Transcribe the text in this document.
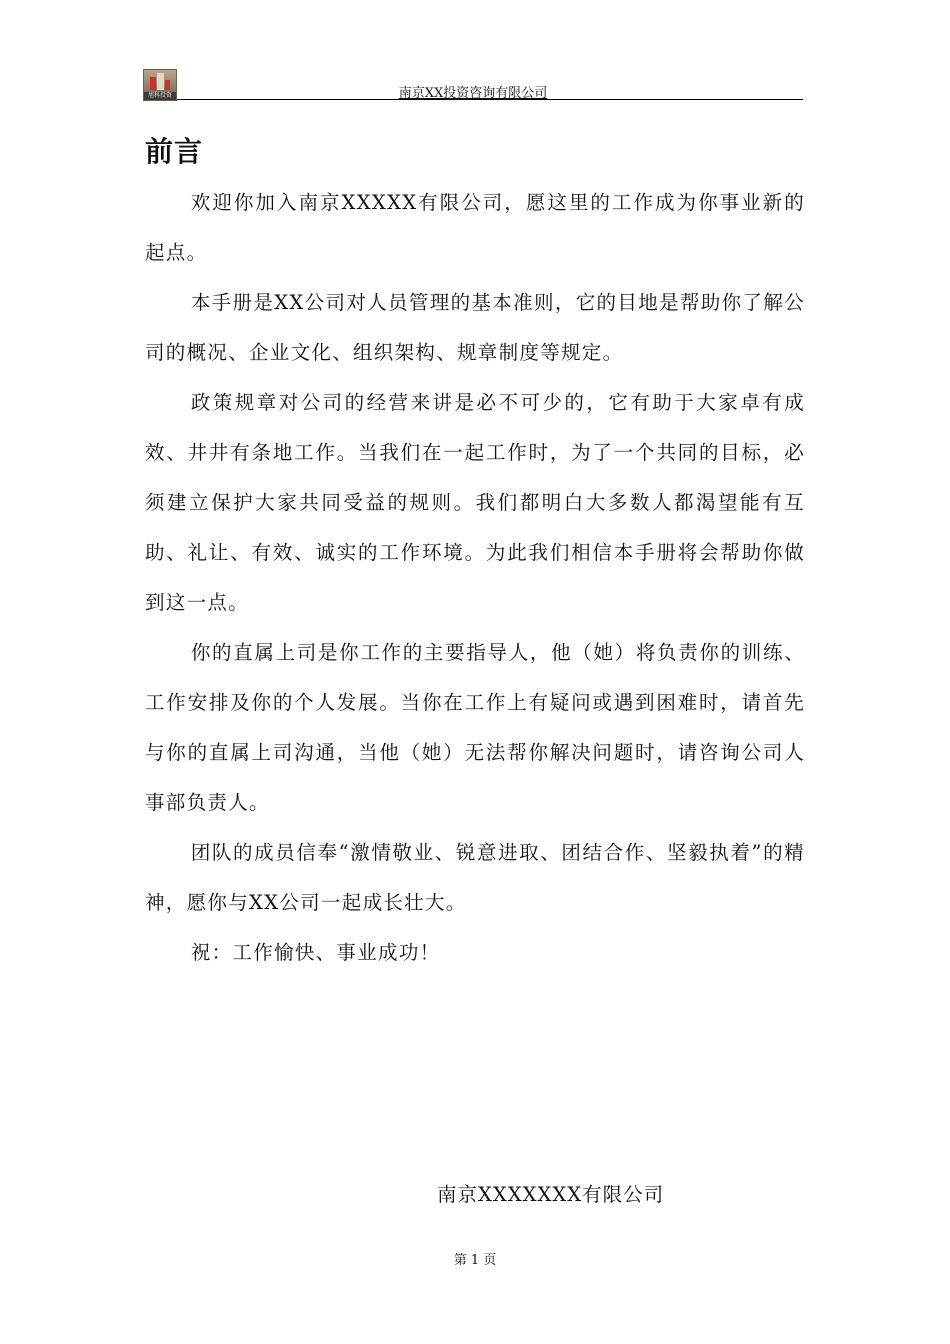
旭科投资	南京XX投资咨询有限公司
前言

欢迎你加入南京XXXXX有限公司，愿这里的工作成为你事业新的起点。

本手册是XX公司对人员管理的基本准则，它的目地是帮助你了解公司的概况、企业文化、组织架构、规章制度等规定。

政策规章对公司的经营来讲是必不可少的，它有助于大家卓有成效、井井有条地工作。当我们在一起工作时，为了一个共同的目标，必须建立保护大家共同受益的规则。我们都明白大多数人都渴望能有互助、礼让、有效、诚实的工作环境。为此我们相信本手册将会帮助你做到这一点。

你的直属上司是你工作的主要指导人，他（她）将负责你的训练、工作安排及你的个人发展。当你在工作上有疑问或遇到困难时，请首先与你的直属上司沟通，当他（她）无法帮你解决问题时，请咨询公司人事部负责人。

团队的成员信奉“激情敬业、锐意进取、团结合作、坚毅执着”的精神，愿你与XX公司一起成长壮大。

祝：工作愉快、事业成功！

南京XXXXXXX有限公司
第 1 页
